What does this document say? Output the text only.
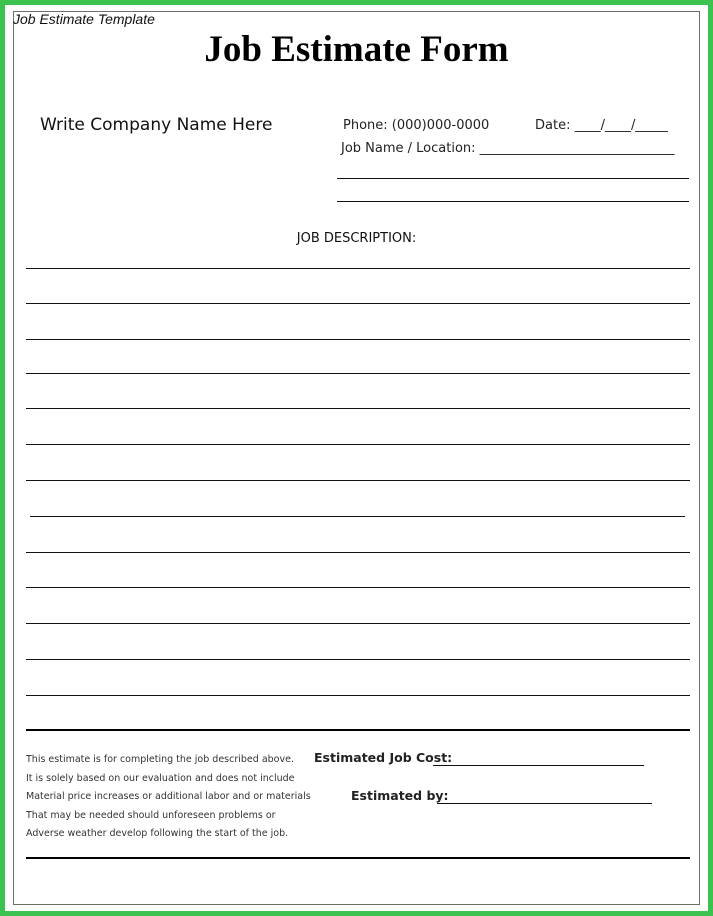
Job Estimate Template
Job Estimate Form
Write Company Name Here	Phone: (000)000-0000	Date: ____/____/_____
Job Name / Location: ______________________________
JOB DESCRIPTION:
This estimate is for completing the job described above.
It is solely based on our evaluation and does not include
Material price increases or additional labor and or materials
That may be needed should unforeseen problems or
Adverse weather develop following the start of the job.
Estimated Job Cost:
Estimated by:
